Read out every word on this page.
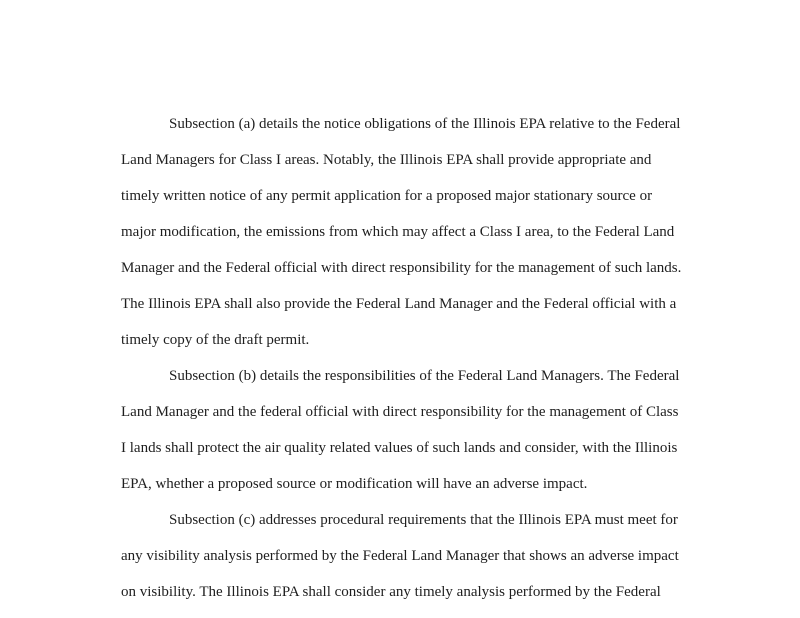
Subsection (a) details the notice obligations of the Illinois EPA relative to the Federal
Land Managers for Class I areas. Notably, the Illinois EPA shall provide appropriate and
timely written notice of any permit application for a proposed major stationary source or
major modification, the emissions from which may affect a Class I area, to the Federal Land
Manager and the Federal official with direct responsibility for the management of such lands.
The Illinois EPA shall also provide the Federal Land Manager and the Federal official with a
timely copy of the draft permit.
Subsection (b) details the responsibilities of the Federal Land Managers. The Federal
Land Manager and the federal official with direct responsibility for the management of Class
I lands shall protect the air quality related values of such lands and consider, with the Illinois
EPA, whether a proposed source or modification will have an adverse impact.
Subsection (c) addresses procedural requirements that the Illinois EPA must meet for
any visibility analysis performed by the Federal Land Manager that shows an adverse impact
on visibility. The Illinois EPA shall consider any timely analysis performed by the Federal
